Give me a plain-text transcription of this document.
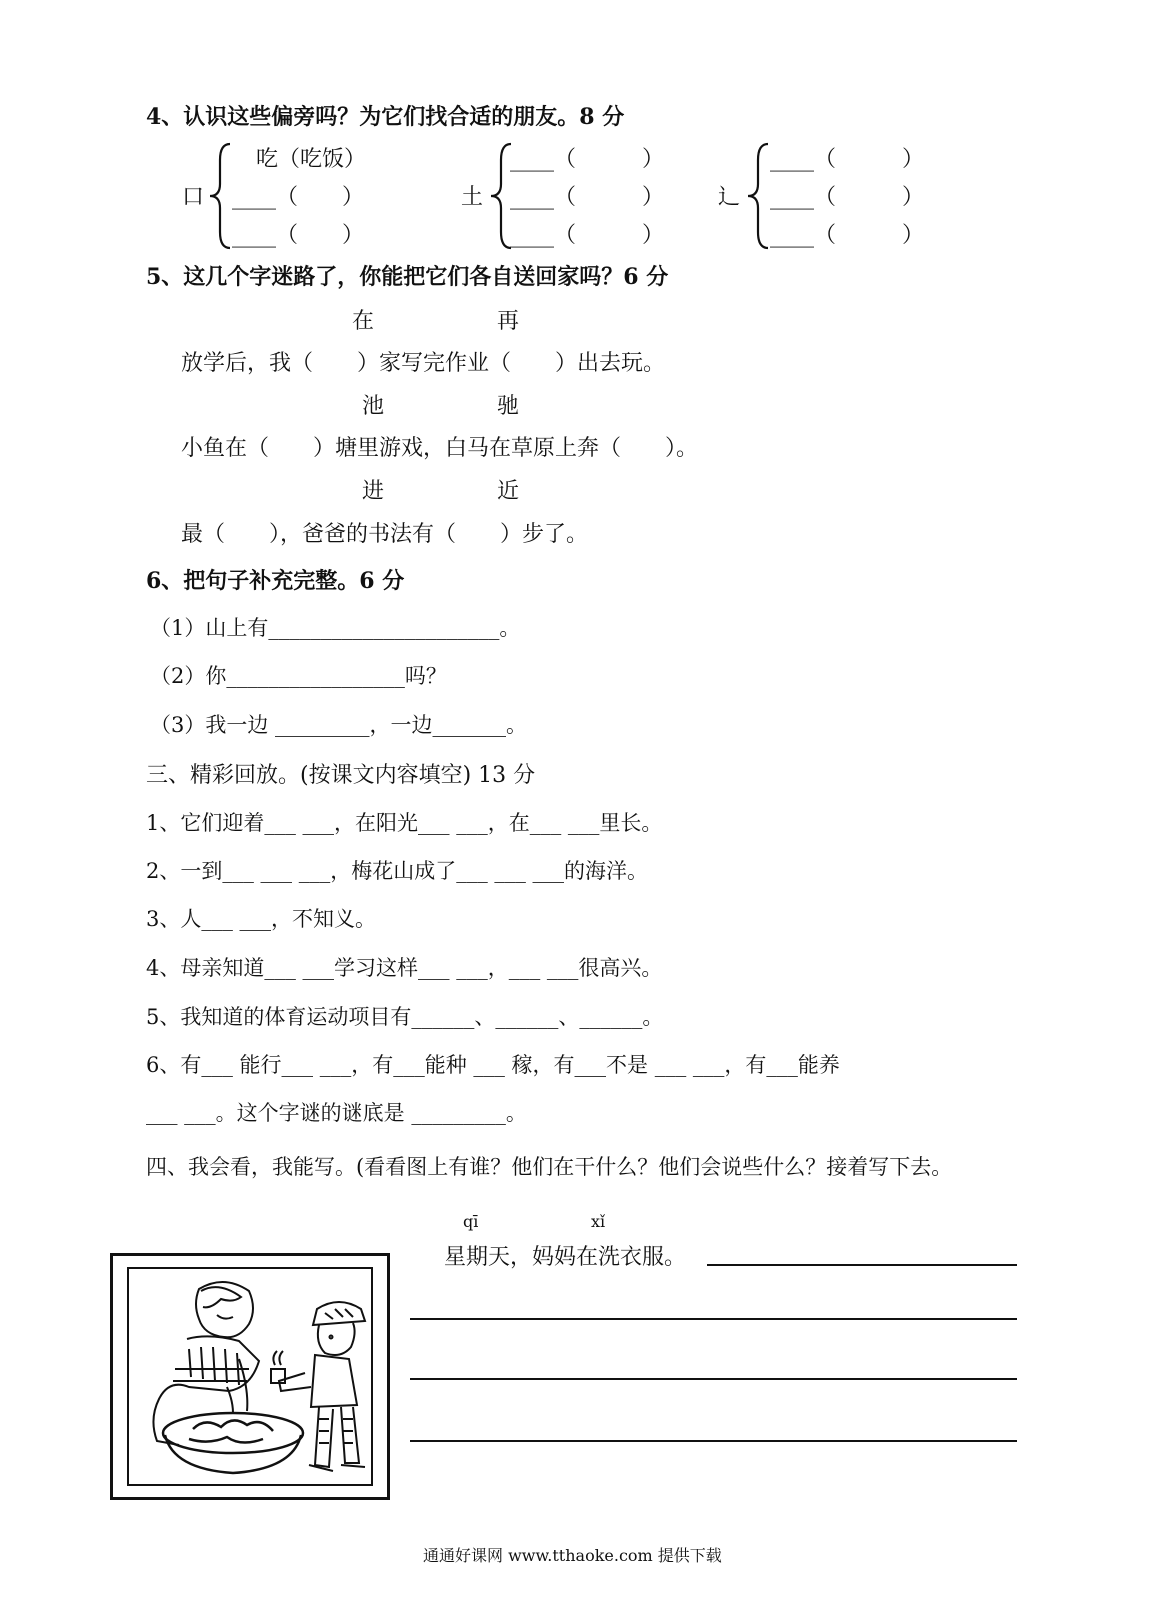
4、认识这些偏旁吗？为它们找合适的朋友。8 分
口
吃（吃饭）
____（　　）
____（　　）
土
____（　　　）
____（　　　）
____（　　　）
辶
____（　　　）
____（　　　）
____（　　　）
5、这几个字迷路了，你能把它们各自送回家吗？6 分
在	再
放学后，我（　　）家写完作业（　　）出去玩。
池	驰
小鱼在（　　）塘里游戏，白马在草原上奔（　　）。
进	近
最（　　），爸爸的书法有（　　）步了。
6、把句子补充完整。6 分
（1）山上有______________________。
（2）你_________________吗？
（3）我一边 _________，一边_______。
三、精彩回放。(按课文内容填空) 13 分
1、它们迎着___ ___，在阳光___ ___，在___ ___里长。
2、一到___ ___ ___，梅花山成了___ ___ ___的海洋。
3、人___ ___，不知义。
4、母亲知道___ ___学习这样___ ___，___ ___很高兴。
5、我知道的体育运动项目有______、______、______。
6、有___ 能行___ ___，有___能种 ___ 稼，有___不是 ___ ___，有___能养
___ ___。这个字谜的谜底是 _________。
四、我会看，我能写。(看看图上有谁？他们在干什么？他们会说些什么？接着写下去。
qī	xǐ
星期天，妈妈在洗衣服。
通通好课网 www.tthaoke.com 提供下载
